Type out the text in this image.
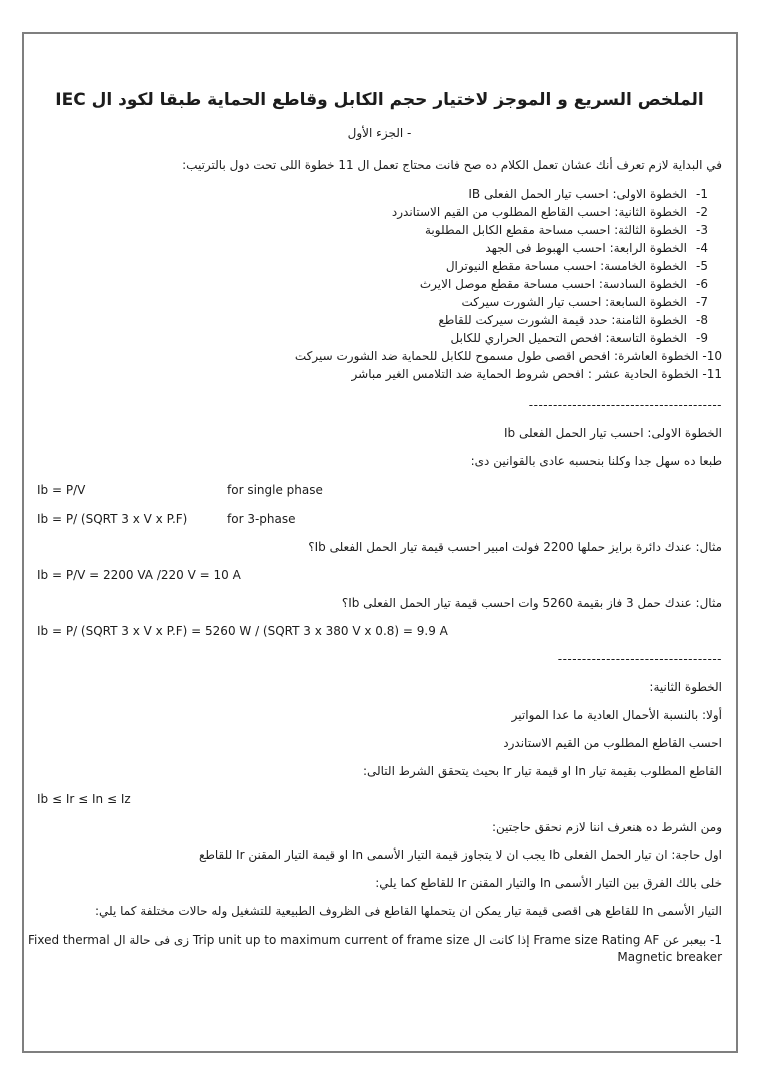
الملخص السريع و الموجز لاختيار حجم الكابل وقاطع الحماية طبقا لكود ال IEC
- الجزء الأول

في البداية لازم تعرف أنك عشان تعمل الكلام ده صح فانت محتاج تعمل ال 11 خطوة اللى تحت دول بالترتيب:

1-الخطوة الاولى: احسب تيار الحمل الفعلى IB
2-الخطوة الثانية: احسب القاطع المطلوب من القيم الاستاندرد
3-الخطوة الثالثة: احسب مساحة مقطع الكابل المطلوبة
4-الخطوة الرابعة: احسب الهبوط فى الجهد
5-الخطوة الخامسة: احسب مساحة مقطع النيوترال
6-الخطوة السادسة: احسب مساحة مقطع موصل الايرث
7-الخطوة السابعة: احسب تيار الشورت سيركت
8-الخطوة الثامنة: حدد قيمة الشورت سيركت للقاطع
9-الخطوة التاسعة: افحص التحميل الحراري للكابل
10-الخطوة العاشرة: افحص اقصى طول مسموح للكابل للحماية ضد الشورت سيركت
11-الخطوة الحادية عشر : افحص شروط الحماية ضد التلامس الغير مباشر

----------------------------------------

الخطوة الاولى: احسب تيار الحمل الفعلى Ib

طبعا ده سهل جدا وكلنا بنحسبه عادى بالقوانين دى:

Ib = P/V	for single phase
Ib = P/ (SQRT 3 x V x P.F)	for 3-phase

مثال: عندك دائرة برايز حملها 2200 فولت امبير احسب قيمة تيار الحمل الفعلى Ib؟

Ib = P/V = 2200 VA /220 V = 10 A

مثال: عندك حمل 3 فاز بقيمة 5260 وات احسب قيمة تيار الحمل الفعلى Ib؟

Ib = P/ (SQRT 3 x V x P.F) = 5260 W / (SQRT 3 x 380 V x 0.8) = 9.9 A

----------------------------------

الخطوة الثانية:

أولا: بالنسبة الأحمال العادية ما عدا المواتير

احسب القاطع المطلوب من القيم الاستاندرد

القاطع المطلوب بقيمة تيار In او قيمة تيار Ir بحيث يتحقق الشرط التالى:

Ib ≤ Ir ≤ In ≤ Iz

ومن الشرط ده هنعرف اننا لازم نحقق حاجتين:

اول حاجة: ان تيار الحمل الفعلى Ib يجب ان لا يتجاوز قيمة التيار الأسمى In او قيمة التيار المقنن Ir للقاطع

خلى بالك الفرق بين التيار الأسمى In والتيار المقنن Ir للقاطع كما يلي:

التيار الأسمى In للقاطع هى اقصى قيمة تيار يمكن ان يتحملها القاطع فى الظروف الطبيعية للتشغيل وله حالات مختلفة كما يلي:

1- بيعبر عن Frame size Rating AF إذا كانت ال Trip unit up to maximum current of frame size زى فى حالة ال Fixed thermal
Magnetic breaker
